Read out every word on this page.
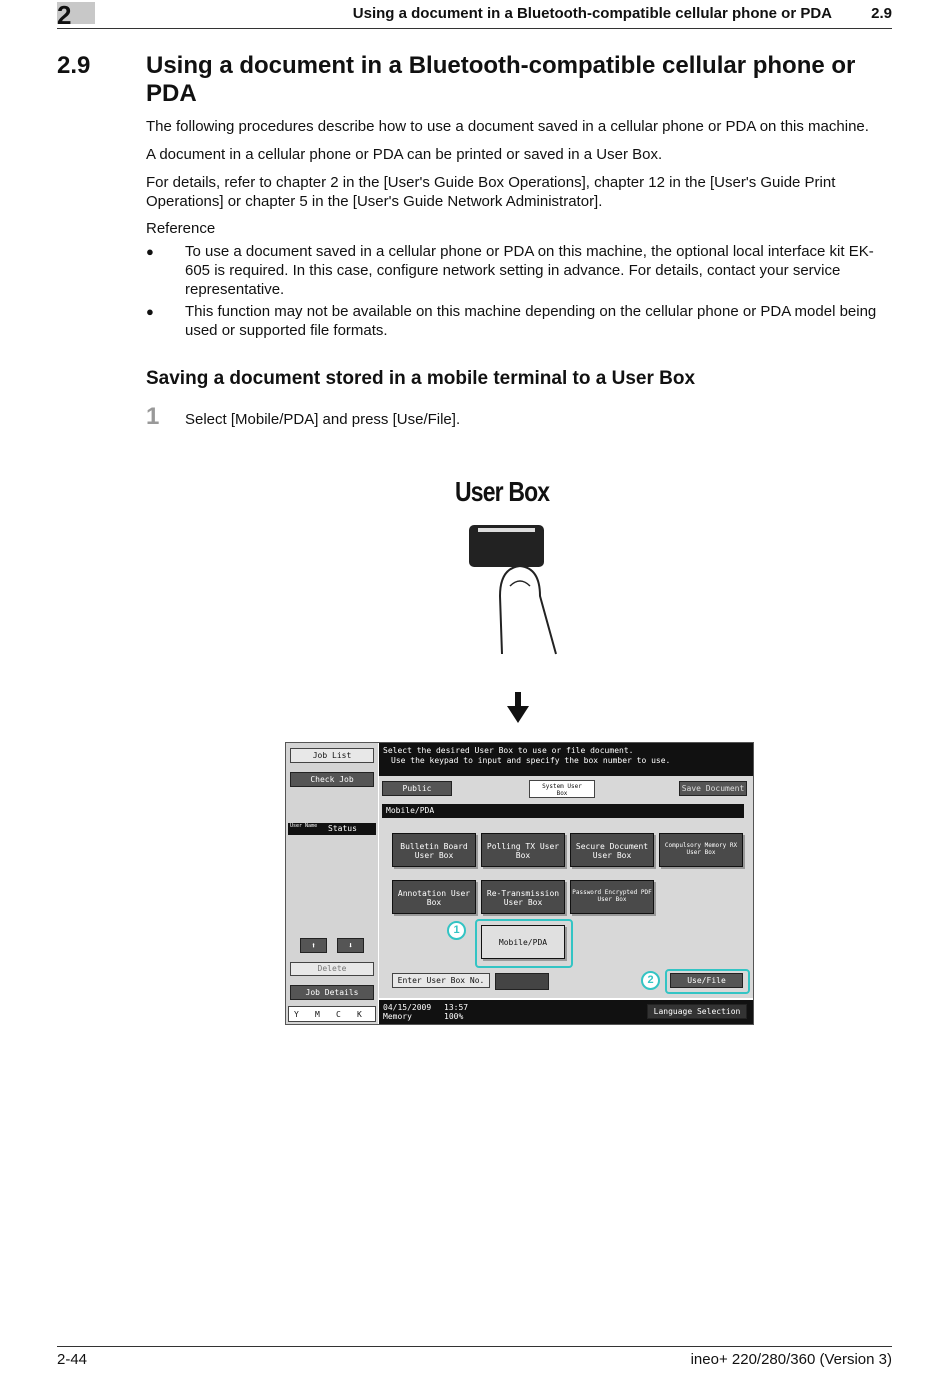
2	Using a document in a Bluetooth-compatible cellular phone or PDA	2.9
2.9 Using a document in a Bluetooth-compatible cellular phone or PDA
The following procedures describe how to use a document saved in a cellular phone or PDA on this machine.
A document in a cellular phone or PDA can be printed or saved in a User Box.
For details, refer to chapter 2 in the [User's Guide Box Operations], chapter 12 in the [User's Guide Print Operations] or chapter 5 in the [User's Guide Network Administrator].
Reference
● To use a document saved in a cellular phone or PDA on this machine, the optional local interface kit EK-605 is required. In this case, configure network setting in advance. For details, contact your service representative.
● This function may not be available on this machine depending on the cellular phone or PDA model being used or supported file formats.
Saving a document stored in a mobile terminal to a User Box
1 Select [Mobile/PDA] and press [Use/File].
User Box
Job List
Check Job
User Name Status
⬆	⬇
Delete
Job Details
Y M C K
Select the desired User Box to use or file document.
Use the keypad to input and specify the box number to use.
Public	System User Box
Save Document
Mobile/PDA
Bulletin Board User Box
Polling TX User Box
Secure Document User Box
Compulsory Memory RX User Box
Annotation User Box
Re-Transmission User Box
Password Encrypted PDF User Box
Mobile/PDA
1
Enter User Box No.	2	Use/File
04/15/2009 13:57
Memory	100%
Language Selection
2-44	ineo+ 220/280/360 (Version 3)
